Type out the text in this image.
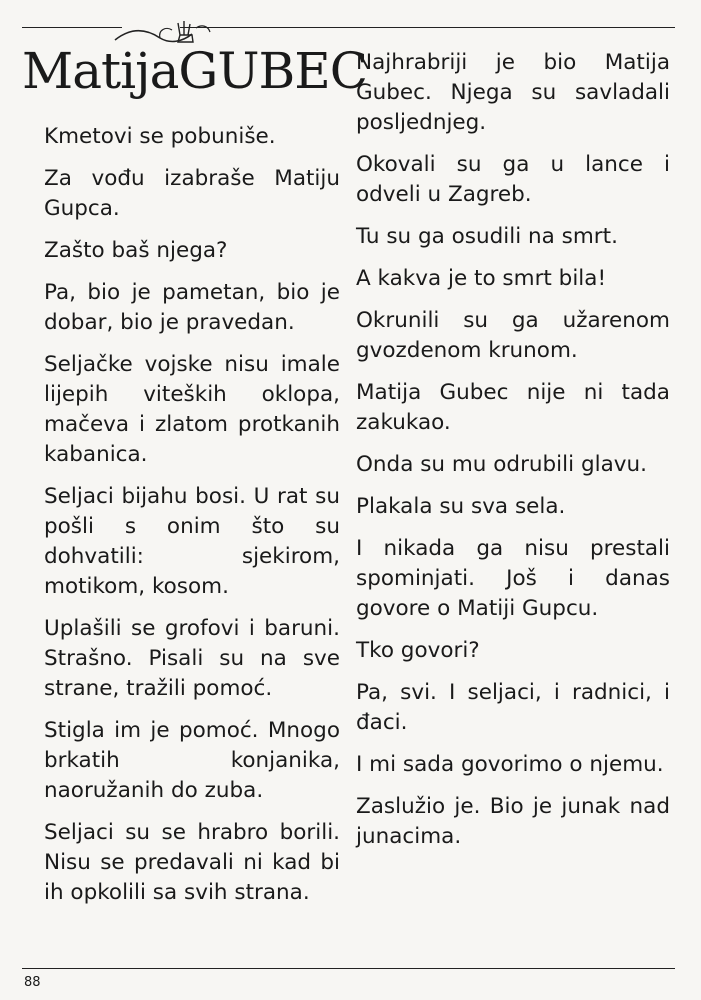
MatijaGUBEC

Kmetovi se pobuniše.

Za vođu izabraše Matiju Gupca.

Zašto baš njega?

Pa, bio je pametan, bio je dobar, bio je pravedan.

Seljačke vojske nisu imale lijepih viteških oklopa, mačeva i zlatom protkanih kabanica.

Seljaci bijahu bosi. U rat su pošli s onim što su dohvatili: sjekirom, motikom, kosom.

Uplašili se grofovi i baruni. Strašno. Pisali su na sve strane, tražili pomoć.

Stigla im je pomoć. Mnogo brkatih konjanika, naoružanih do zuba.

Seljaci su se hrabro borili. Nisu se predavali ni kad bi ih opkolili sa svih strana.

Najhrabriji je bio Matija Gubec. Njega su savladali posljednjeg.

Okovali su ga u lance i odveli u Zagreb.

Tu su ga osudili na smrt.

A kakva je to smrt bila!

Okrunili su ga užarenom gvozdenom krunom.

Matija Gubec nije ni tada zakukao.

Onda su mu odrubili glavu.

Plakala su sva sela.

I nikada ga nisu prestali spominjati. Još i danas govore o Matiji Gupcu.

Tko govori?

Pa, svi. I seljaci, i radnici, i đaci.

I mi sada govorimo o njemu.

Zaslužio je. Bio je junak nad junacima.

88
